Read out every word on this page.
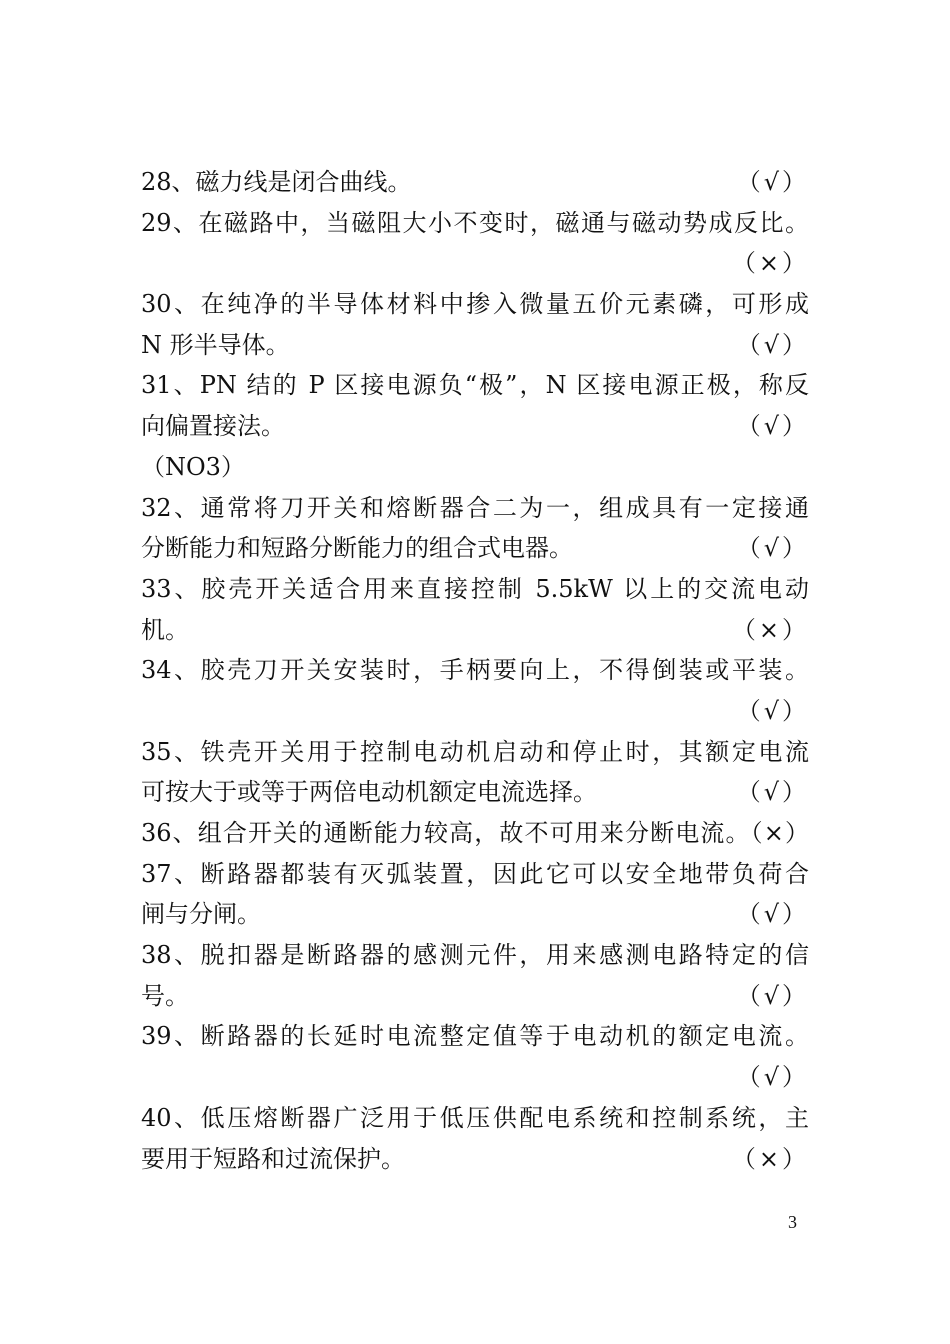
28、磁力线是闭合曲线。	（√）
29、在磁路中，当磁阻大小不变时，磁通与磁动势成反比。
（×）
30、在纯净的半导体材料中掺入微量五价元素磷，可形成
N 形半导体。	（√）
31、PN 结的 P 区接电源负“极”，N 区接电源正极，称反
向偏置接法。	（√）
（NO3）
32、通常将刀开关和熔断器合二为一，组成具有一定接通
分断能力和短路分断能力的组合式电器。	（√）
33、胶壳开关适合用来直接控制 5.5kW 以上的交流电动
机。	（×）
34、胶壳刀开关安装时，手柄要向上，不得倒装或平装。
（√）
35、铁壳开关用于控制电动机启动和停止时，其额定电流
可按大于或等于两倍电动机额定电流选择。	（√）
36、组合开关的通断能力较高，故不可用来分断电流。（×）
37、断路器都装有灭弧装置，因此它可以安全地带负荷合
闸与分闸。	（√）
38、脱扣器是断路器的感测元件，用来感测电路特定的信
号。	（√）
39、断路器的长延时电流整定值等于电动机的额定电流。
（√）
40、低压熔断器广泛用于低压供配电系统和控制系统，主
要用于短路和过流保护。	（×）
3
